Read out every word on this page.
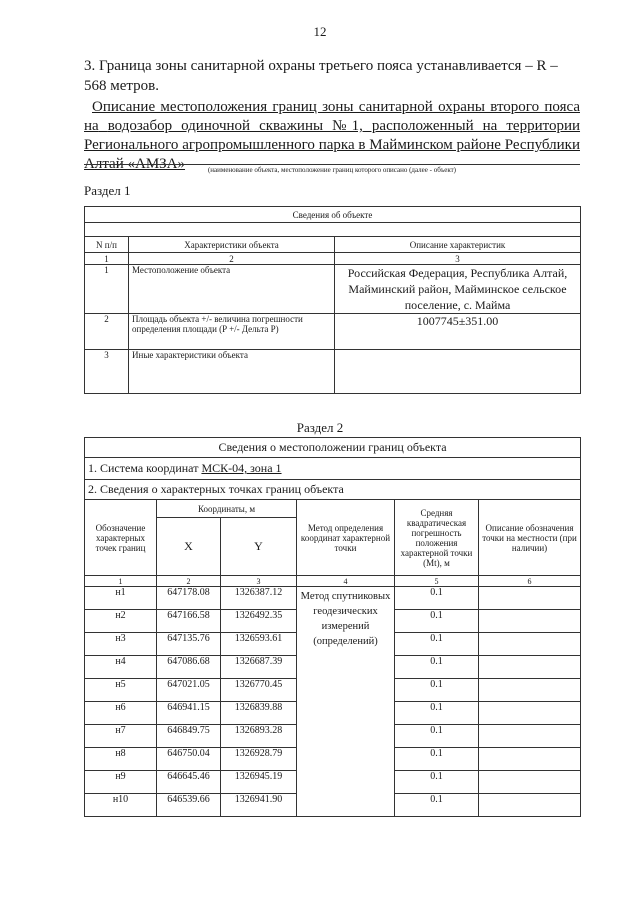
12
3. Граница зоны санитарной охраны третьего пояса устанавливается – R – 568 метров.
Описание местоположения границ зоны санитарной охраны второго пояса на водозабор одиночной скважины №1, расположенный на территории Регионального агропромышленного парка в Майминском районе Республики Алтай «АМЗА»	(наименование объекта, местоположение границ которого описано (далее - объект)
Раздел 1
Сведения об объекте		

N п/п	Характеристики объекта	Описание характеристик
1	2	3
1	Местоположение объекта	Российская Федерация, Республика Алтай, Майминский район, Майминское сельское поселение, с. Майма
2	Площадь объекта +/- величина погрешности определения площади (P +/- Дельта P)	1007745±351.00
3	Иные характеристики объекта	
Раздел 2
Сведения о местоположении границ объекта					
1. Система координат МСК-04, зона 1					
2. Сведения о характерных точках границ объекта					
Обозначение характерных точек границ	Координаты, м		Метод определения координат характерной точки	Средняя квадратическая погрешность положения характерной точки (Mt), м	Описание обозначения точки на местности (при наличии)
	X	Y			
1	2	3	4	5	6
н1	647178.08	1326387.12	Метод спутниковых геодезических измерений (определений)	0.1	
н2	647166.58	1326492.35		0.1	
н3	647135.76	1326593.61		0.1	
н4	647086.68	1326687.39		0.1	
н5	647021.05	1326770.45		0.1	
н6	646941.15	1326839.88		0.1	
н7	646849.75	1326893.28		0.1	
н8	646750.04	1326928.79		0.1	
н9	646645.46	1326945.19		0.1	
н10	646539.66	1326941.90		0.1	
